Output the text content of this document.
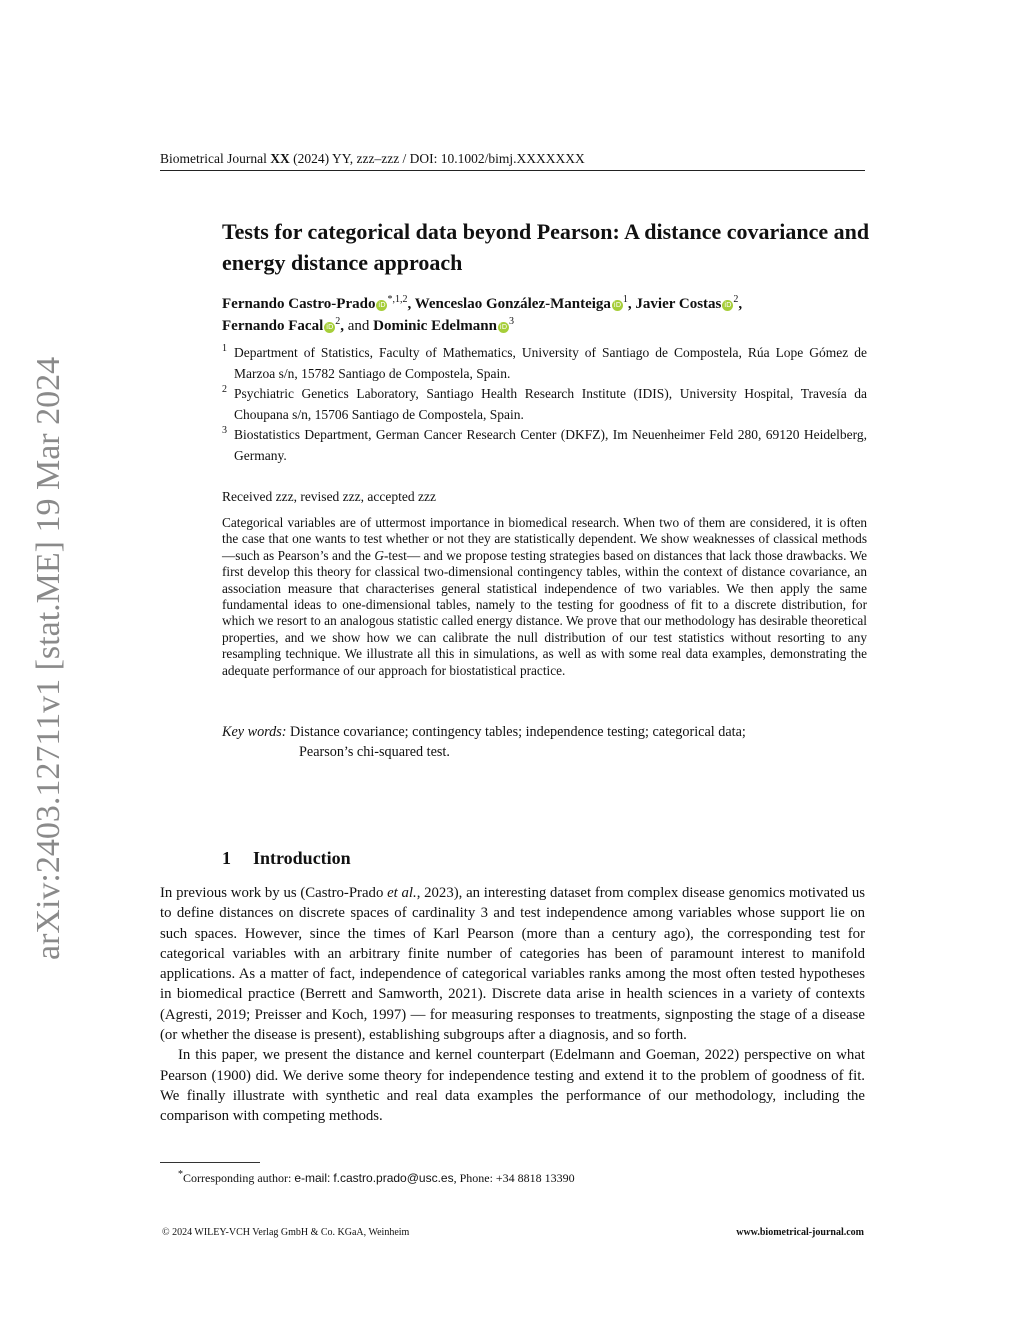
arXiv:2403.12711v1 [stat.ME] 19 Mar 2024
Biometrical Journal XX (2024) YY, zzz–zzz / DOI: 10.1002/bimj.XXXXXXX
Tests for categorical data beyond Pearson: A distance covariance and energy distance approach
Fernando Castro-Prado iD $^{*,1,2}$, Wenceslao González-Manteiga iD $^1$, Javier Costas iD $^2$,
Fernando Facal iD $^2$, and Dominic Edelmann iD $^3$
1 Department of Statistics, Faculty of Mathematics, University of Santiago de Compostela, Rúa Lope Gómez de Marzoa s/n, 15782 Santiago de Compostela, Spain.
2 Psychiatric Genetics Laboratory, Santiago Health Research Institute (IDIS), University Hospital, Travesía da Choupana s/n, 15706 Santiago de Compostela, Spain.
3 Biostatistics Department, German Cancer Research Center (DKFZ), Im Neuenheimer Feld 280, 69120 Heidelberg, Germany.
Received zzz, revised zzz, accepted zzz
Categorical variables are of uttermost importance in biomedical research. When two of them are considered, it is often the case that one wants to test whether or not they are statistically dependent. We show weaknesses of classical methods —such as Pearson’s and the G-test— and we propose testing strategies based on distances that lack those drawbacks. We first develop this theory for classical two-dimensional contingency tables, within the context of distance covariance, an association measure that characterises general statistical independence of two variables. We then apply the same fundamental ideas to one-dimensional tables, namely to the testing for goodness of fit to a discrete distribution, for which we resort to an analogous statistic called energy distance. We prove that our methodology has desirable theoretical properties, and we show how we can calibrate the null distribution of our test statistics without resorting to any resampling technique. We illustrate all this in simulations, as well as with some real data examples, demonstrating the adequate performance of our approach for biostatistical practice.
Key words: Distance covariance; contingency tables; independence testing; categorical data;
Pearson’s chi-squared test.
1 Introduction

In previous work by us (Castro-Prado et al., 2023), an interesting dataset from complex disease genomics motivated us to define distances on discrete spaces of cardinality 3 and test independence among variables whose support lie on such spaces. However, since the times of Karl Pearson (more than a century ago), the corresponding test for categorical variables with an arbitrary finite number of categories has been of paramount interest to manifold applications. As a matter of fact, independence of categorical variables ranks among the most often tested hypotheses in biomedical practice (Berrett and Samworth, 2021). Discrete data arise in health sciences in a variety of contexts (Agresti, 2019; Preisser and Koch, 1997) — for measuring responses to treatments, signposting the stage of a disease (or whether the disease is present), establishing subgroups after a diagnosis, and so forth.

In this paper, we present the distance and kernel counterpart (Edelmann and Goeman, 2022) perspective on what Pearson (1900) did. We derive some theory for independence testing and extend it to the problem of goodness of fit. We finally illustrate with synthetic and real data examples the performance of our methodology, including the comparison with competing methods.

*Corresponding author: e-mail: f.castro.prado@usc.es, Phone: +34 8818 13390
© 2024 WILEY-VCH Verlag GmbH & Co. KGaA, Weinheim	www.biometrical-journal.com
